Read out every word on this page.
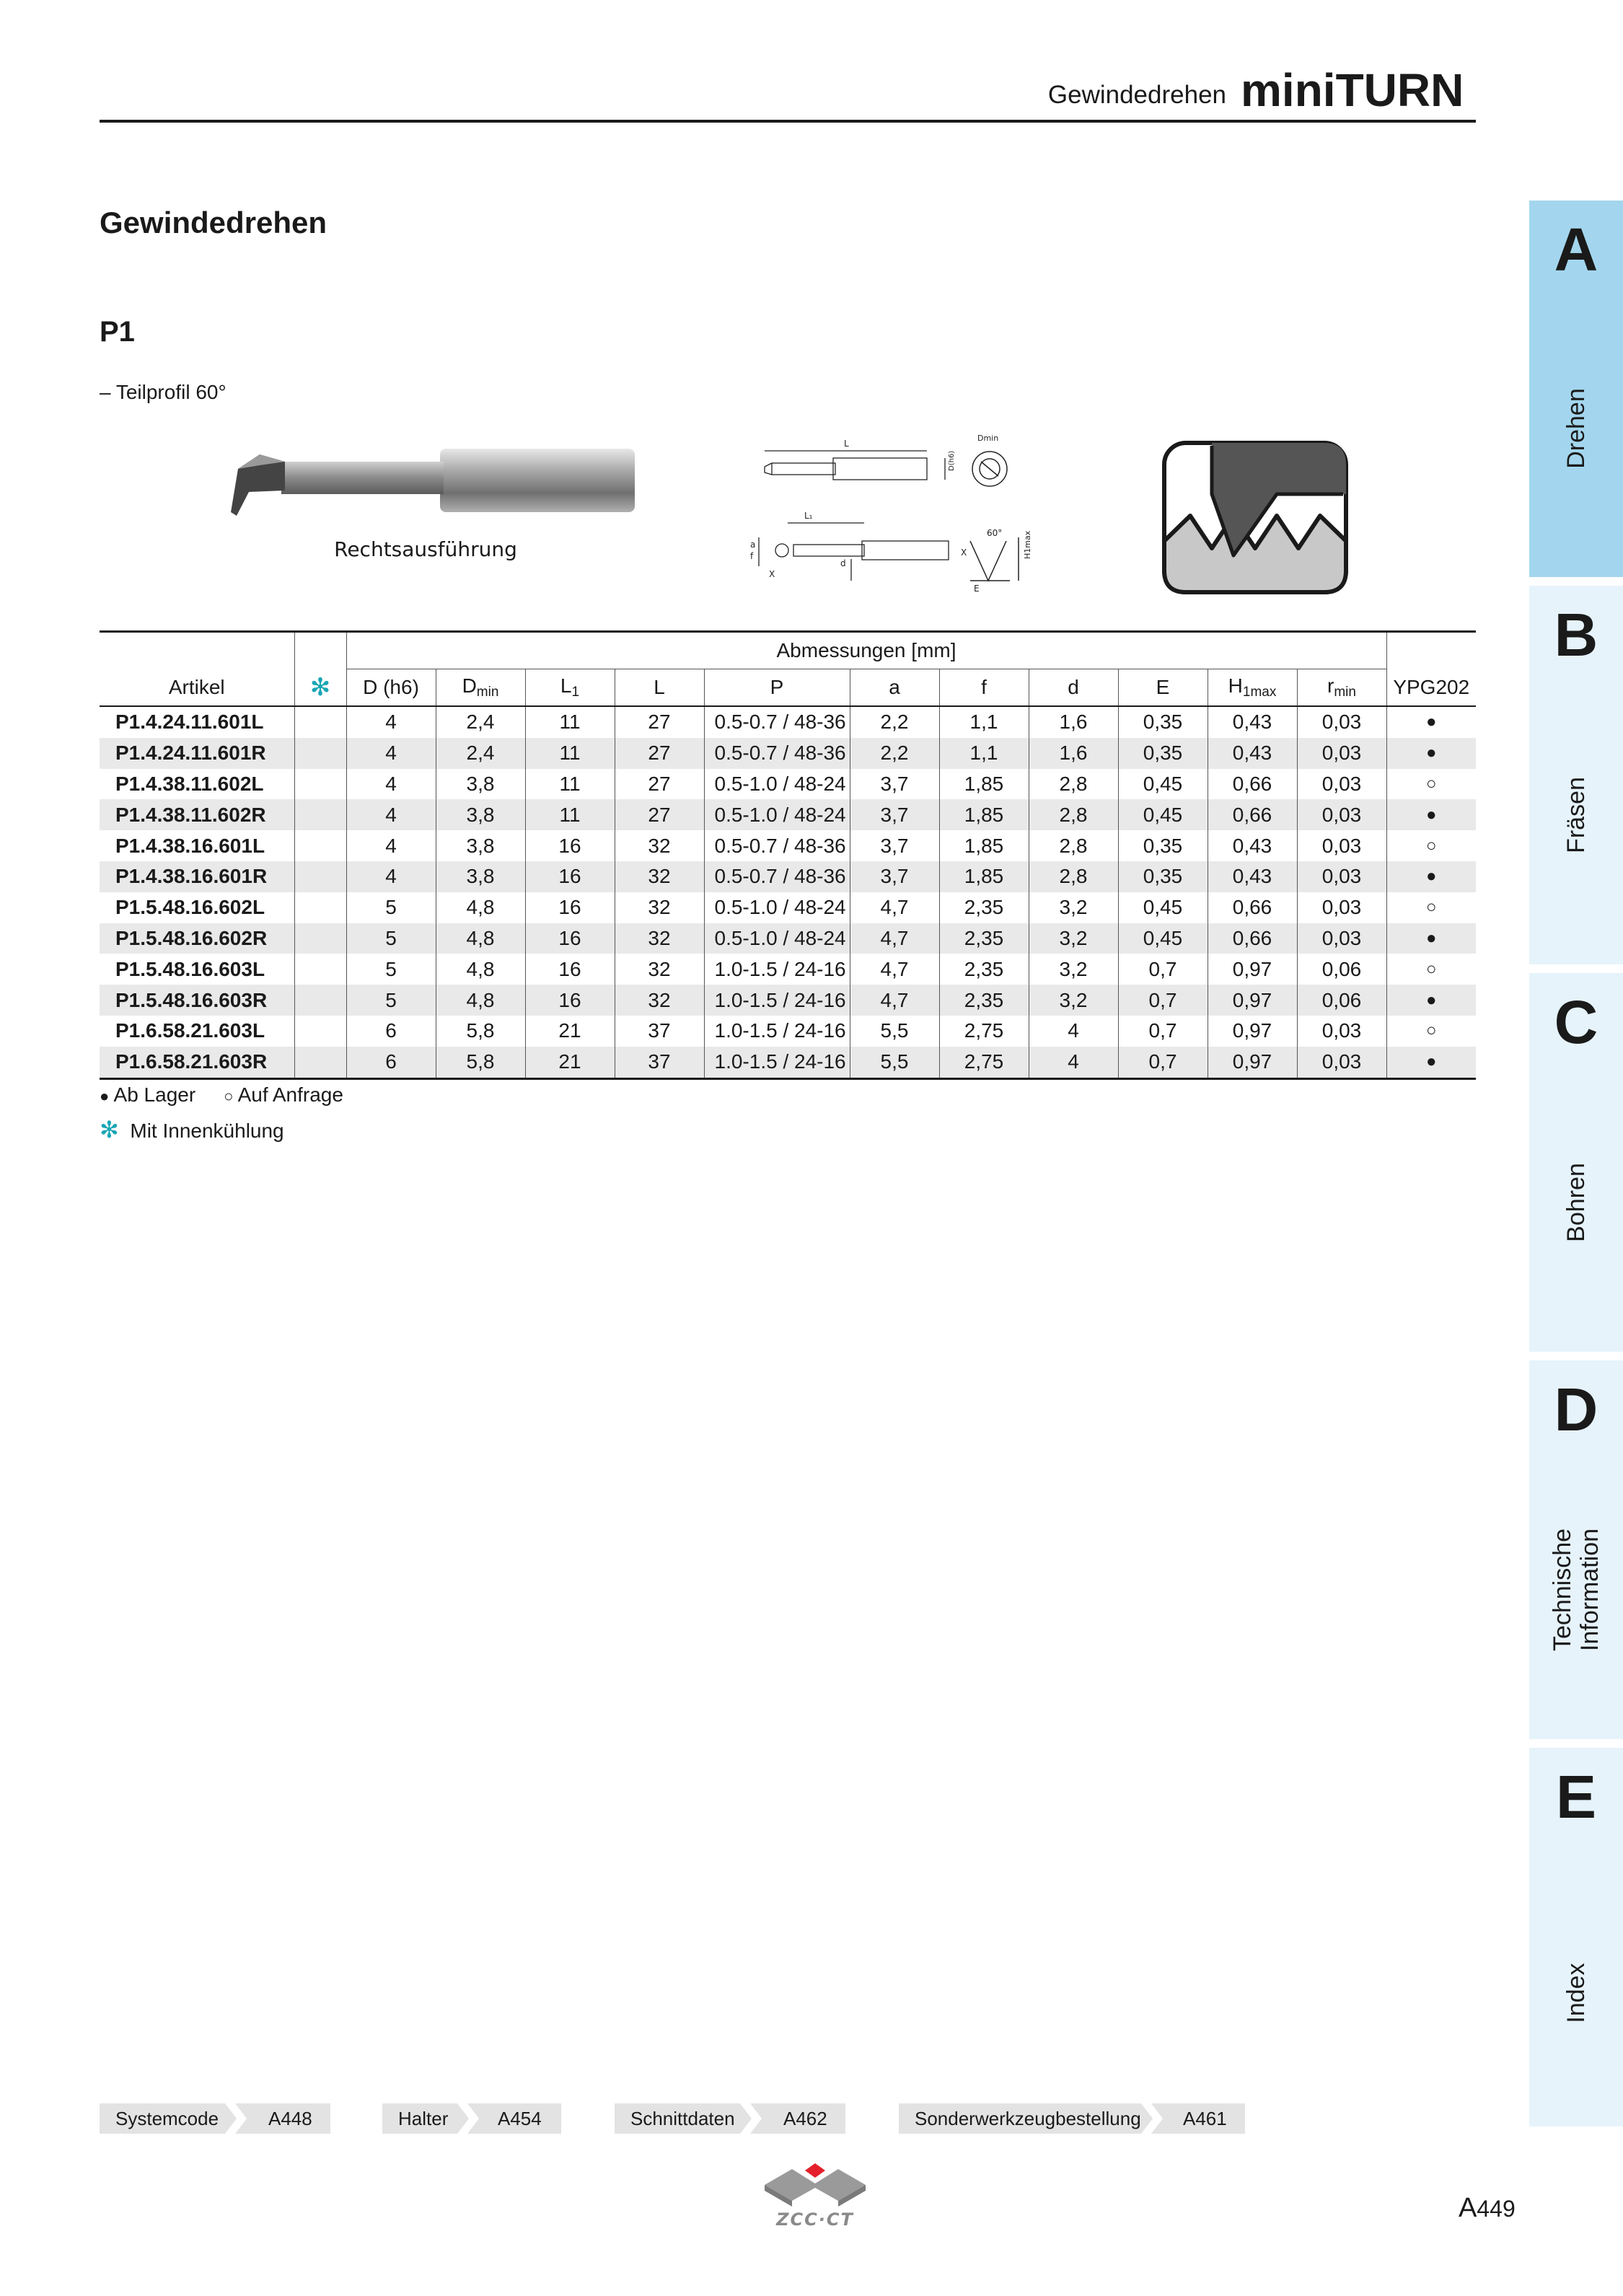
Gewindedrehen miniTURN
Gewindedrehen
P1
– Teilprofil 60°
Rechtsausführung
L
D(h6)
Dmin
L₁
a
f
X
d
60°
X
E
H1max
		Abmessungen [mm]											
Artikel	✻	D (h6)	$D_{min}$	$L_1$	L	P	a	f	d	E	$H_{1max}$	$r_{min}$	YPG202
P1.4.24.11.601L		4	2,4	11	27	0.5-0.7 / 48-36	2,2	1,1	1,6	0,35	0,43	0,03	●
P1.4.24.11.601R		4	2,4	11	27	0.5-0.7 / 48-36	2,2	1,1	1,6	0,35	0,43	0,03	●
P1.4.38.11.602L		4	3,8	11	27	0.5-1.0 / 48-24	3,7	1,85	2,8	0,45	0,66	0,03	○
P1.4.38.11.602R		4	3,8	11	27	0.5-1.0 / 48-24	3,7	1,85	2,8	0,45	0,66	0,03	●
P1.4.38.16.601L		4	3,8	16	32	0.5-0.7 / 48-36	3,7	1,85	2,8	0,35	0,43	0,03	○
P1.4.38.16.601R		4	3,8	16	32	0.5-0.7 / 48-36	3,7	1,85	2,8	0,35	0,43	0,03	●
P1.5.48.16.602L		5	4,8	16	32	0.5-1.0 / 48-24	4,7	2,35	3,2	0,45	0,66	0,03	○
P1.5.48.16.602R		5	4,8	16	32	0.5-1.0 / 48-24	4,7	2,35	3,2	0,45	0,66	0,03	●
P1.5.48.16.603L		5	4,8	16	32	1.0-1.5 / 24-16	4,7	2,35	3,2	0,7	0,97	0,06	○
P1.5.48.16.603R		5	4,8	16	32	1.0-1.5 / 24-16	4,7	2,35	3,2	0,7	0,97	0,06	●
P1.6.58.21.603L		6	5,8	21	37	1.0-1.5 / 24-16	5,5	2,75	4	0,7	0,97	0,03	○
P1.6.58.21.603R		6	5,8	21	37	1.0-1.5 / 24-16	5,5	2,75	4	0,7	0,97	0,03	●
● Ab Lager ○ Auf Anfrage
✻ Mit Innenkühlung
A
Drehen
B
Fräsen
C
Bohren
D
Technische
Information
E
Index
Systemcode	A448	Halter	A454	Schnittdaten	A462	Sonderwerkzeugbestellung A461
ZCC·CT	A449
